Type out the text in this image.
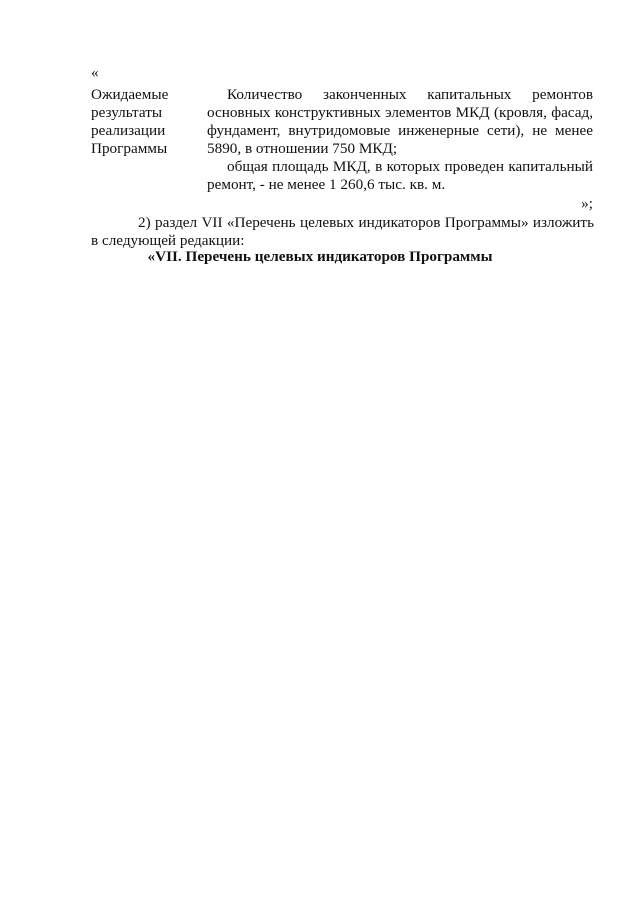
«
Ожидаемые
результаты
реализации
Программы

Количество законченных капитальных ремонтов основных конструктивных элементов МКД (кровля, фасад, фундамент, внутридомовые инженерные сети), не менее 5890, в отношении 750 МКД;

общая площадь МКД, в которых проведен капитальный ремонт, - не менее 1 260,6 тыс. кв. м.

»;

2) раздел VII «Перечень целевых индикаторов Программы» изложить в следующей редакции:

«VII. Перечень целевых индикаторов Программы
